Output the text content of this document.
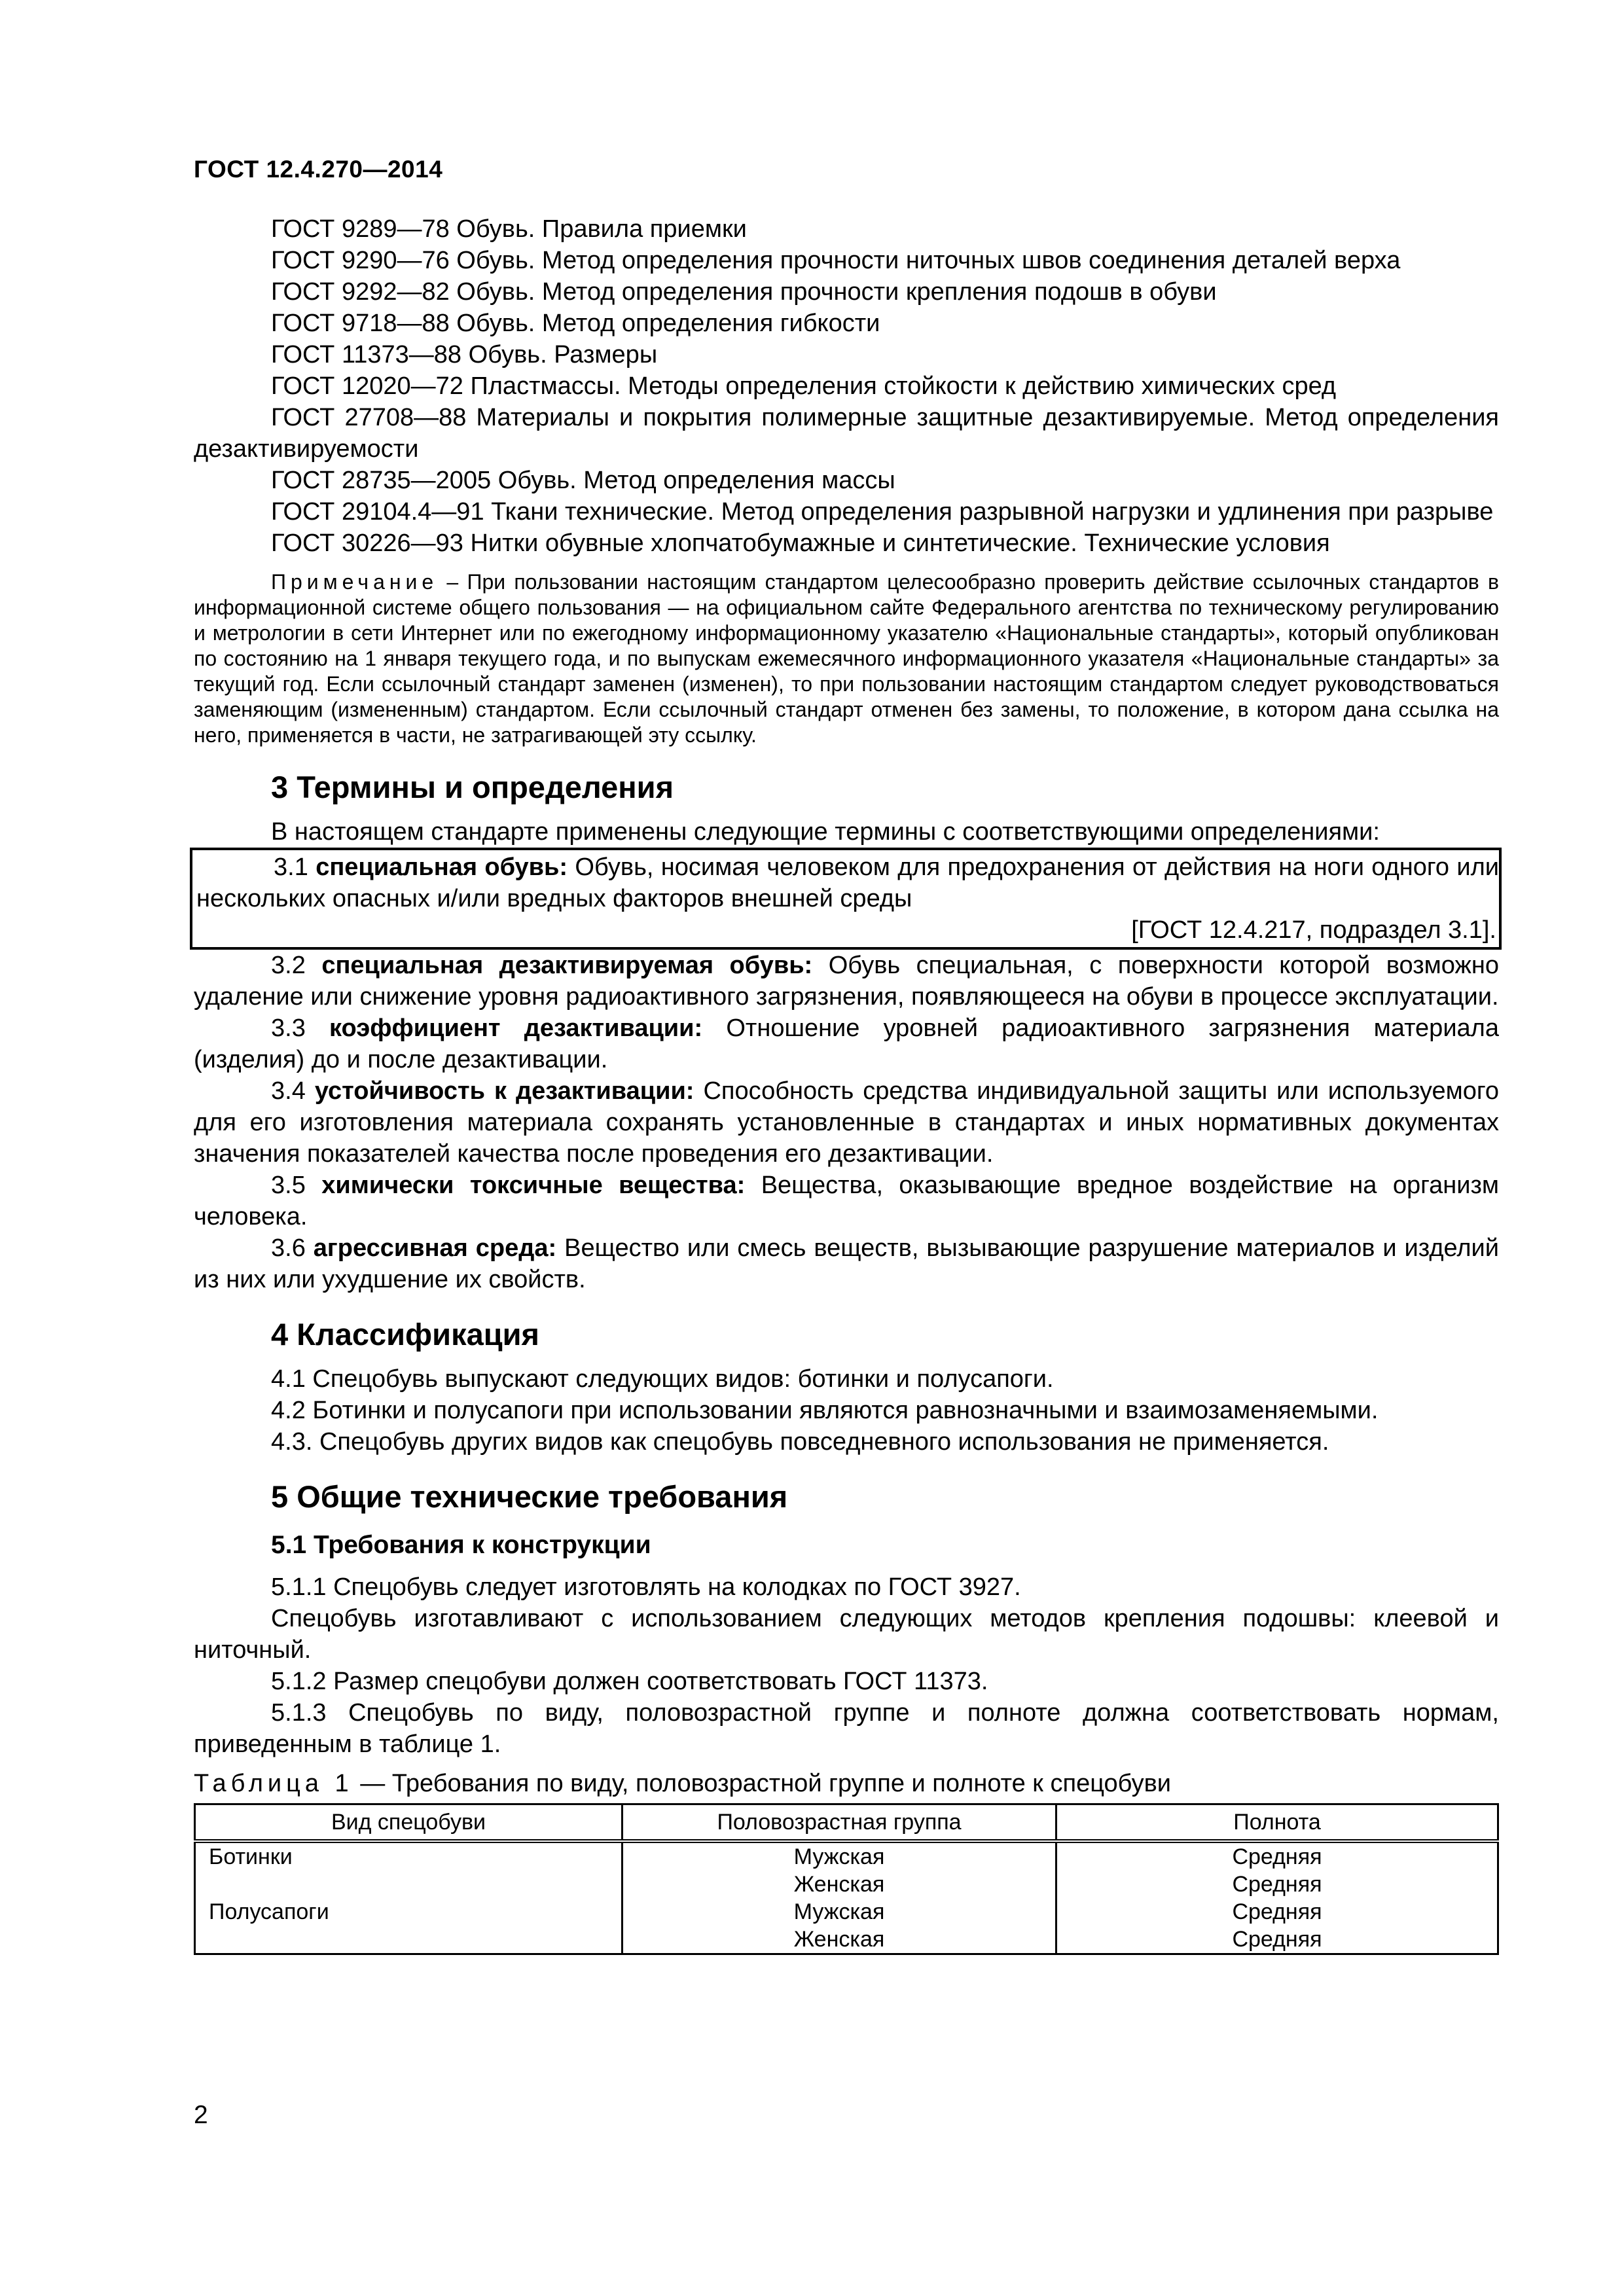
ГОСТ 12.4.270—2014

ГОСТ 9289—78 Обувь. Правила приемки

ГОСТ 9290—76 Обувь. Метод определения прочности ниточных швов соединения деталей верха

ГОСТ 9292—82 Обувь. Метод определения прочности крепления подошв в обуви

ГОСТ 9718—88 Обувь. Метод определения гибкости

ГОСТ 11373—88 Обувь. Размеры

ГОСТ 12020—72 Пластмассы. Методы определения стойкости к действию химических сред

ГОСТ 27708—88 Материалы и покрытия полимерные защитные дезактивируемые. Метод определения дезактивируемости

ГОСТ 28735—2005 Обувь. Метод определения массы

ГОСТ 29104.4—91 Ткани технические. Метод определения разрывной нагрузки и удлинения при разрыве

ГОСТ 30226—93 Нитки обувные хлопчатобумажные и синтетические. Технические условия

Примечание – При пользовании настоящим стандартом целесообразно проверить действие ссылочных стандартов в информационной системе общего пользования — на официальном сайте Федерального агентства по техническому регулированию и метрологии в сети Интернет или по ежегодному информационному указателю «Национальные стандарты», который опубликован по состоянию на 1 января текущего года, и по выпускам ежемесячного информационного указателя «Национальные стандарты» за текущий год. Если ссылочный стандарт заменен (изменен), то при пользовании настоящим стандартом следует руководствоваться заменяющим (измененным) стандартом. Если ссылочный стандарт отменен без замены, то положение, в котором дана ссылка на него, применяется в части, не затрагивающей эту ссылку.

3 Термины и определения

В настоящем стандарте применены следующие термины с соответствующими определениями:

3.1 специальная обувь: Обувь, носимая человеком для предохранения от действия на ноги одного или нескольких опасных и/или вредных факторов внешней среды

[ГОСТ 12.4.217, подраздел 3.1].

3.2 специальная дезактивируемая обувь: Обувь специальная, с поверхности которой возможно удаление или снижение уровня радиоактивного загрязнения, появляющееся на обуви в процессе эксплуатации.

3.3 коэффициент дезактивации: Отношение уровней радиоактивного загрязнения материала (изделия) до и после дезактивации.

3.4 устойчивость к дезактивации: Способность средства индивидуальной защиты или используемого для его изготовления материала сохранять установленные в стандартах и иных нормативных документах значения показателей качества после проведения его дезактивации.

3.5 химически токсичные вещества: Вещества, оказывающие вредное воздействие на организм человека.

3.6 агрессивная среда: Вещество или смесь веществ, вызывающие разрушение материалов и изделий из них или ухудшение их свойств.

4 Классификация

4.1 Спецобувь выпускают следующих видов: ботинки и полусапоги.

4.2 Ботинки и полусапоги при использовании являются равнозначными и взаимозаменяемыми.

4.3. Спецобувь других видов как спецобувь повседневного использования не применяется.

5 Общие технические требования
5.1 Требования к конструкции

5.1.1 Спецобувь следует изготовлять на колодках по ГОСТ 3927.

Спецобувь изготавливают с использованием следующих методов крепления подошвы: клеевой и ниточный.

5.1.2 Размер спецобуви должен соответствовать ГОСТ 11373.

5.1.3 Спецобувь по виду, половозрастной группе и полноте должна соответствовать нормам, приведенным в таблице 1.

Таблица 1 — Требования по виду, половозрастной группе и полноте к спецобуви

Вид спецобуви	Половозрастная группа	Полнота
Ботинки	Мужская	Средняя
	Женская	Средняя
Полусапоги	Мужская	Средняя
	Женская	Средняя
2
